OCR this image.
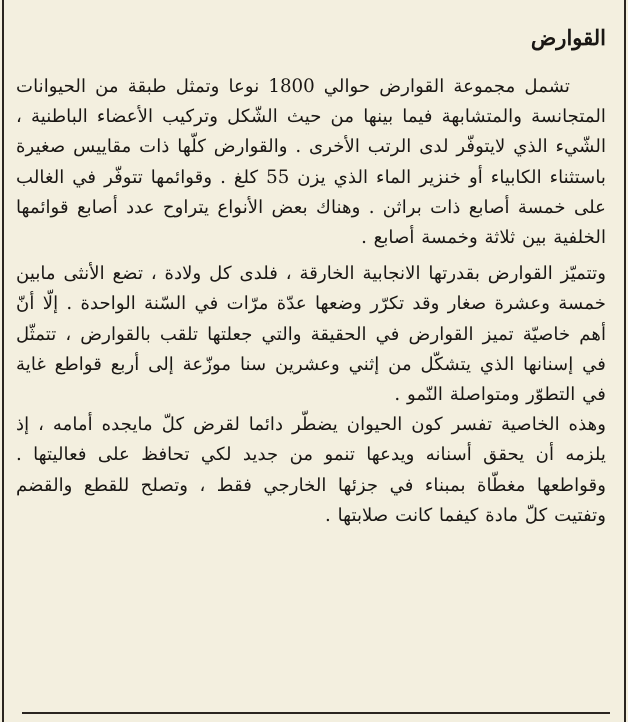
القوارض

تشمل مجموعة القوارض حوالي 1800 نوعا وتمثل طبقة من الحيوانات المتجانسة والمتشابهة فيما بينها من حيث الشّكل وتركيب الأعضاء الباطنية ، الشّيء الذي لايتوفّر لدى الرتب الأخرى . والقوارض كلّها ذات مقاييس صغيرة باستثناء الكابياء أو خنزير الماء الذي يزن 55 كلغ . وقوائمها تتوفّر في الغالب على خمسة أصابع ذات براثن . وهناك بعض الأنواع يتراوح عدد أصابع قوائمها الخلفية بين ثلاثة وخمسة أصابع .

وتتميّز القوارض بقدرتها الانجابية الخارقة ، فلدى كل ولادة ، تضع الأنثى مابين خمسة وعشرة صغار وقد تكرّر وضعها عدّة مرّات في السّنة الواحدة . إلّا أنّ أهم خاصيّة تميز القوارض في الحقيقة والتي جعلتها تلقب بالقوارض ، تتمثّل في إسنانها الذي يتشكّل من إثني وعشرين سنا موزّعة إلى أربع قواطع غاية في التطوّر ومتواصلة النّمو .

وهذه الخاصية تفسر كون الحيوان يضطّر دائما لقرض كلّ مايجده أمامه ، إذ يلزمه أن يحقق أسنانه ويدعها تنمو من جديد لكي تحافظ على فعاليتها . وقواطعها مغطّاة بمبناء في جزئها الخارجي فقط ، وتصلح للقطع والقضم وتفتيت كلّ مادة كيفما كانت صلابتها .
